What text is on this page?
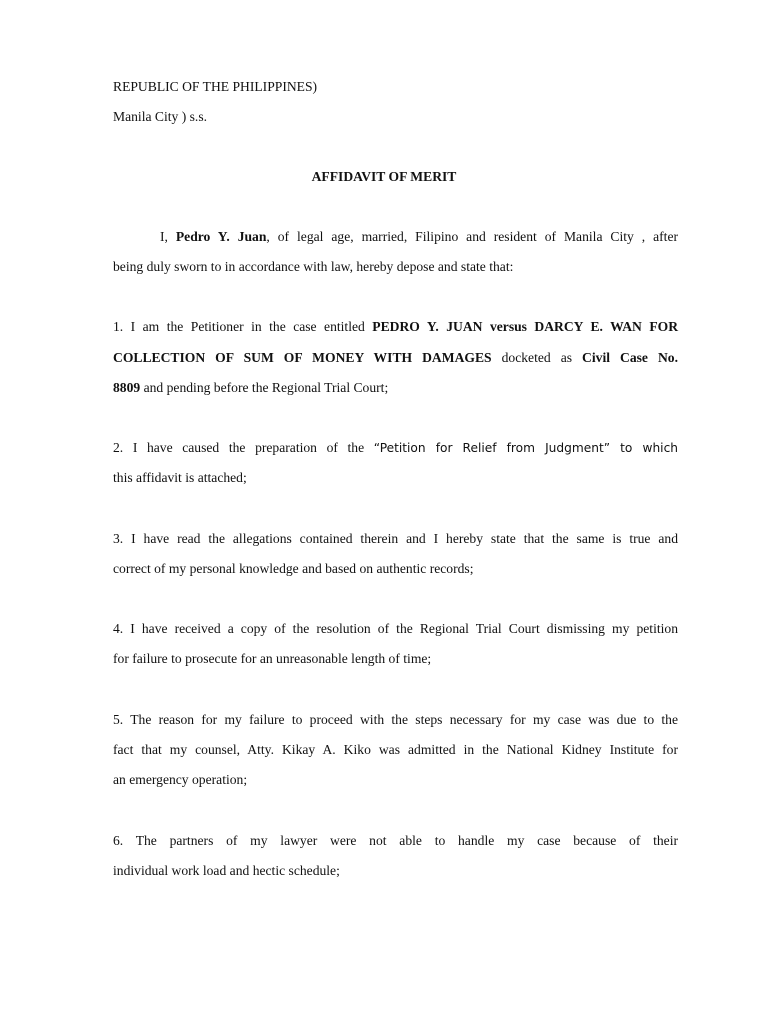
REPUBLIC OF THE PHILIPPINES)
Manila City ) s.s.
AFFIDAVIT OF MERIT
I, Pedro Y. Juan, of legal age, married, Filipino and resident of Manila City , after
being duly sworn to in accordance with law, hereby depose and state that:
1. I am the Petitioner in the case entitled PEDRO Y. JUAN versus DARCY E. WAN FOR
COLLECTION OF SUM OF MONEY WITH DAMAGES docketed as Civil Case No.
8809 and pending before the Regional Trial Court;
2. I have caused the preparation of the “Petition for Relief from Judgment” to which
this affidavit is attached;
3. I have read the allegations contained therein and I hereby state that the same is true and
correct of my personal knowledge and based on authentic records;
4. I have received a copy of the resolution of the Regional Trial Court dismissing my petition
for failure to prosecute for an unreasonable length of time;
5. The reason for my failure to proceed with the steps necessary for my case was due to the
fact that my counsel, Atty. Kikay A. Kiko was admitted in the National Kidney Institute for
an emergency operation;
6. The partners of my lawyer were not able to handle my case because of their
individual work load and hectic schedule;
